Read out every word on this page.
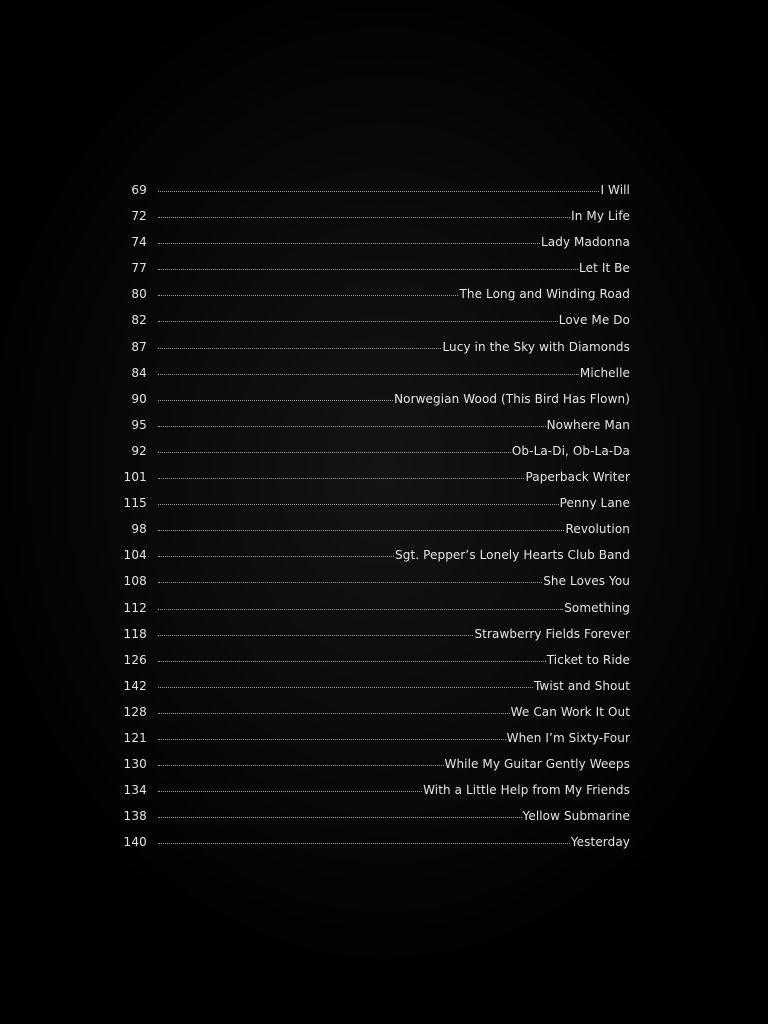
69	I Will
72	In My Life
74	Lady Madonna
77	Let It Be
80	The Long and Winding Road
82	Love Me Do
87	Lucy in the Sky with Diamonds
84	Michelle
90	Norwegian Wood (This Bird Has Flown)
95	Nowhere Man
92	Ob-La-Di, Ob-La-Da
101	Paperback Writer
115	Penny Lane
98	Revolution
104	Sgt. Pepper’s Lonely Hearts Club Band
108	She Loves You
112	Something
118	Strawberry Fields Forever
126	Ticket to Ride
142	Twist and Shout
128	We Can Work It Out
121	When I’m Sixty-Four
130	While My Guitar Gently Weeps
134	With a Little Help from My Friends
138	Yellow Submarine
140	Yesterday
